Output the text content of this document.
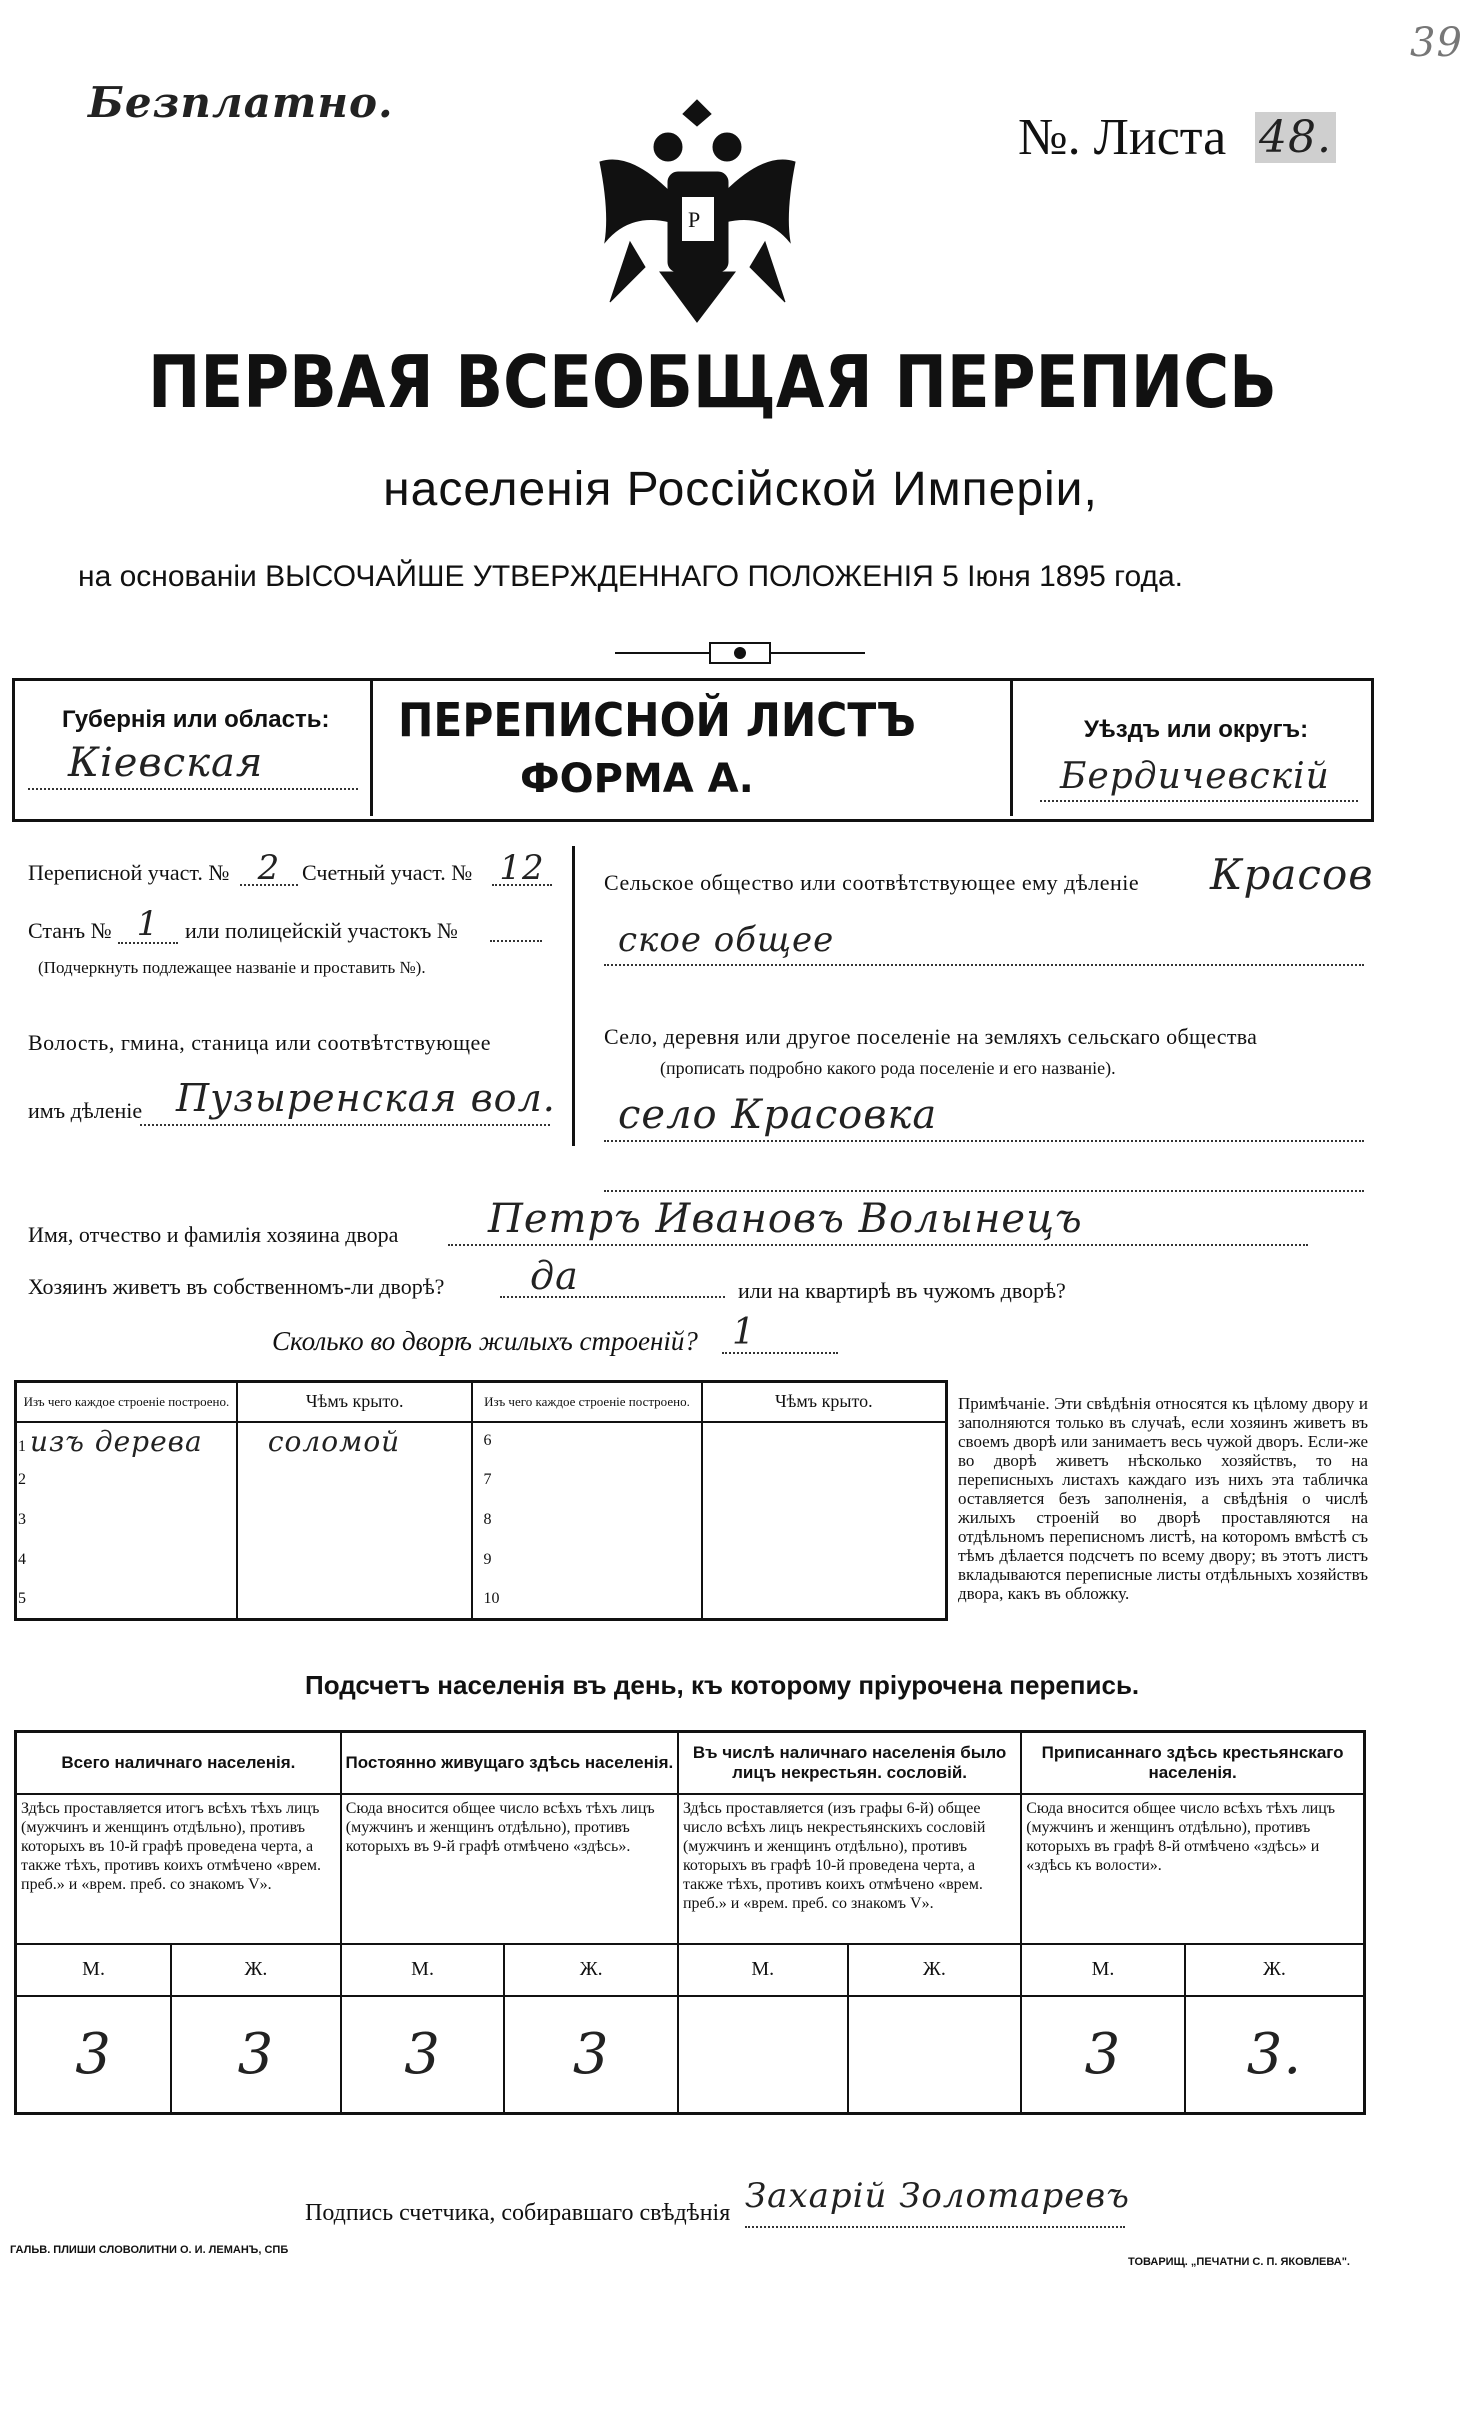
39
Безплатно.
Р
№. Листа 48.
ПЕРВАЯ ВСЕОБЩАЯ ПЕРЕПИСЬ
населенія Россійской Имперіи,
на основаніи ВЫСОЧАЙШЕ УТВЕРЖДЕННАГО ПОЛОЖЕНІЯ 5 Іюня 1895 года.
Губернія или область:
Кіевская
ПЕРЕПИСНОЙ ЛИСТЪ
ФОРМА А.
Уѣздъ или округъ:
Бердичевскій
Переписной участ. № 2 Счетный участ. № 12
Станъ № 1	или полицейскій участокъ №
(Подчеркнуть подлежащее названіе и проставить №).
Волость, гмина, станица или соотвѣтствующее
имъ дѣленіе Пузыренская вол.
Сельское общество или соотвѣтствующее ему дѣленіе Красов
ское общее
Село, деревня или другое поселеніе на земляхъ сельскаго общества
(прописать подробно какого рода поселеніе и его названіе).
село Красовка
Имя, отчество и фамилія хозяина двора	Петръ Ивановъ Волынецъ
Хозяинъ живетъ въ собственномъ-ли дворѣ?	да	или на квартирѣ въ чужомъ дворѣ?
Сколько во дворѣ жилыхъ строеній? 1
Изъ чего каждое строеніе построено.	Чѣмъ крыто.	Изъ чего каждое строеніе построено.	Чѣмъ крыто.
1 изъ дерева	соломой	6	
2		7	
3		8	
4		9	
5		10	
Примѣчаніе. Эти свѣдѣнія относятся къ цѣлому двору и заполняются только въ случаѣ, если хозяинъ живетъ въ своемъ дворѣ или занимаетъ весь чужой дворъ. Если-же во дворѣ живетъ нѣсколько хозяйствъ, то на переписныхъ листахъ каждаго изъ нихъ эта табличка оставляется безъ заполненія, а свѣдѣнія о числѣ жилыхъ строеній во дворѣ проставляются на отдѣльномъ переписномъ листѣ, на которомъ вмѣстѣ съ тѣмъ дѣлается подсчетъ по всему двору; въ этотъ листъ вкладываются переписные листы отдѣльныхъ хозяйствъ двора, какъ въ обложку.
Подсчетъ населенія въ день, къ которому пріурочена перепись.
Всего наличнаго населенія.		Постоянно живущаго здѣсь населенія.		Въ числѣ наличнаго населенія было лицъ некрестьян. сословій.		Приписаннаго здѣсь крестьянскаго населенія.	
Здѣсь проставляется итогъ всѣхъ тѣхъ лицъ (мужчинъ и женщинъ отдѣльно), противъ которыхъ въ 10-й графѣ проведена черта, а также тѣхъ, противъ коихъ отмѣчено «врем. преб.» и «врем. преб. со знакомъ V».		Сюда вносится общее число всѣхъ тѣхъ лицъ (мужчинъ и женщинъ отдѣльно), противъ которыхъ въ 9-й графѣ отмѣчено «здѣсь».		Здѣсь проставляется (изъ графы 6-й) общее число всѣхъ лицъ некрестьянскихъ сословій (мужчинъ и женщинъ отдѣльно), противъ которыхъ въ графѣ 10-й проведена черта, а также тѣхъ, противъ коихъ отмѣчено «врем. преб.» и «врем. преб. со знакомъ V».		Сюда вносится общее число всѣхъ тѣхъ лицъ (мужчинъ и женщинъ отдѣльно), противъ которыхъ въ графѣ 8-й отмѣчено «здѣсь» и «здѣсь къ волости».	
М.	Ж.	М.	Ж.	М.	Ж.	М.	Ж.
3	3	3	3			3	3.
Подпись счетчика, собиравшаго свѣдѣнія Захарій Золотаревъ
ГАЛЬВ. ПЛИШИ СЛОВОЛИТНИ О. И. ЛЕМАНЪ, СПБ
ТОВАРИЩ. „ПЕЧАТНИ С. П. ЯКОВЛЕВА".
